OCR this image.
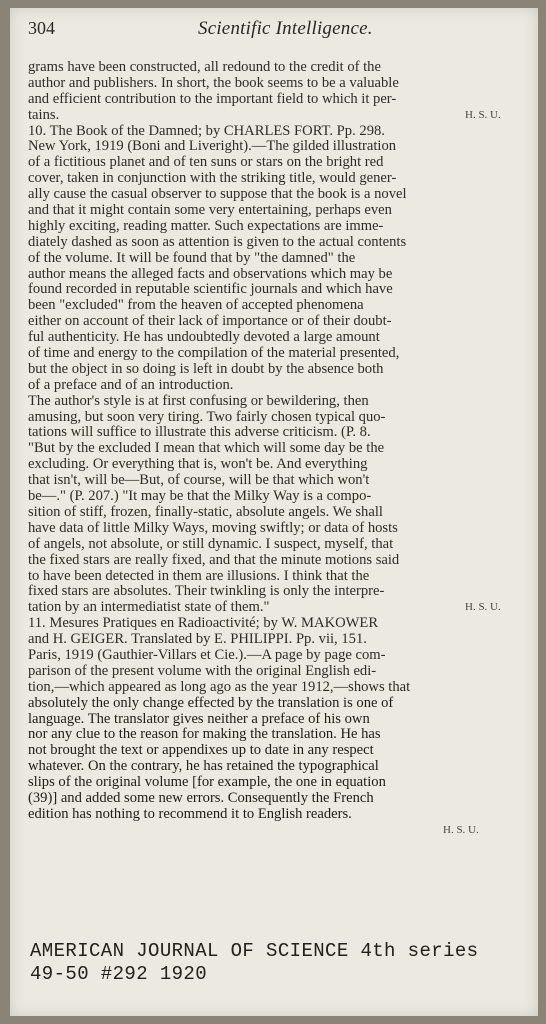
304	Scientific Intelligence.
grams have been constructed, all redound to the credit of the
author and publishers. In short, the book seems to be a valuable
and efficient contribution to the important field to which it per-
tains.	H. S. U.
10. The Book of the Damned; by CHARLES FORT. Pp. 298.
New York, 1919 (Boni and Liveright).—The gilded illustration
of a fictitious planet and of ten suns or stars on the bright red
cover, taken in conjunction with the striking title, would gener-
ally cause the casual observer to suppose that the book is a novel
and that it might contain some very entertaining, perhaps even
highly exciting, reading matter. Such expectations are imme-
diately dashed as soon as attention is given to the actual contents
of the volume. It will be found that by "the damned" the
author means the alleged facts and observations which may be
found recorded in reputable scientific journals and which have
been "excluded" from the heaven of accepted phenomena
either on account of their lack of importance or of their doubt-
ful authenticity. He has undoubtedly devoted a large amount
of time and energy to the compilation of the material presented,
but the object in so doing is left in doubt by the absence both
of a preface and of an introduction.
The author's style is at first confusing or bewildering, then
amusing, but soon very tiring. Two fairly chosen typical quo-
tations will suffice to illustrate this adverse criticism. (P. 8.
"But by the excluded I mean that which will some day be the
excluding. Or everything that is, won't be. And everything
that isn't, will be—But, of course, will be that which won't
be—." (P. 207.) "It may be that the Milky Way is a compo-
sition of stiff, frozen, finally-static, absolute angels. We shall
have data of little Milky Ways, moving swiftly; or data of hosts
of angels, not absolute, or still dynamic. I suspect, myself, that
the fixed stars are really fixed, and that the minute motions said
to have been detected in them are illusions. I think that the
fixed stars are absolutes. Their twinkling is only the interpre-
tation by an intermediatist state of them."	H. S. U.
11. Mesures Pratiques en Radioactivité; by W. MAKOWER
and H. GEIGER. Translated by E. PHILIPPI. Pp. vii, 151.
Paris, 1919 (Gauthier-Villars et Cie.).—A page by page com-
parison of the present volume with the original English edi-
tion,—which appeared as long ago as the year 1912,—shows that
absolutely the only change effected by the translation is one of
language. The translator gives neither a preface of his own
nor any clue to the reason for making the translation. He has
not brought the text or appendixes up to date in any respect
whatever. On the contrary, he has retained the typographical
slips of the original volume [for example, the one in equation
(39)] and added some new errors. Consequently the French
edition has nothing to recommend it to English readers.
H. S. U.
AMERICAN JOURNAL OF SCIENCE 4th series
49-50 #292 1920
